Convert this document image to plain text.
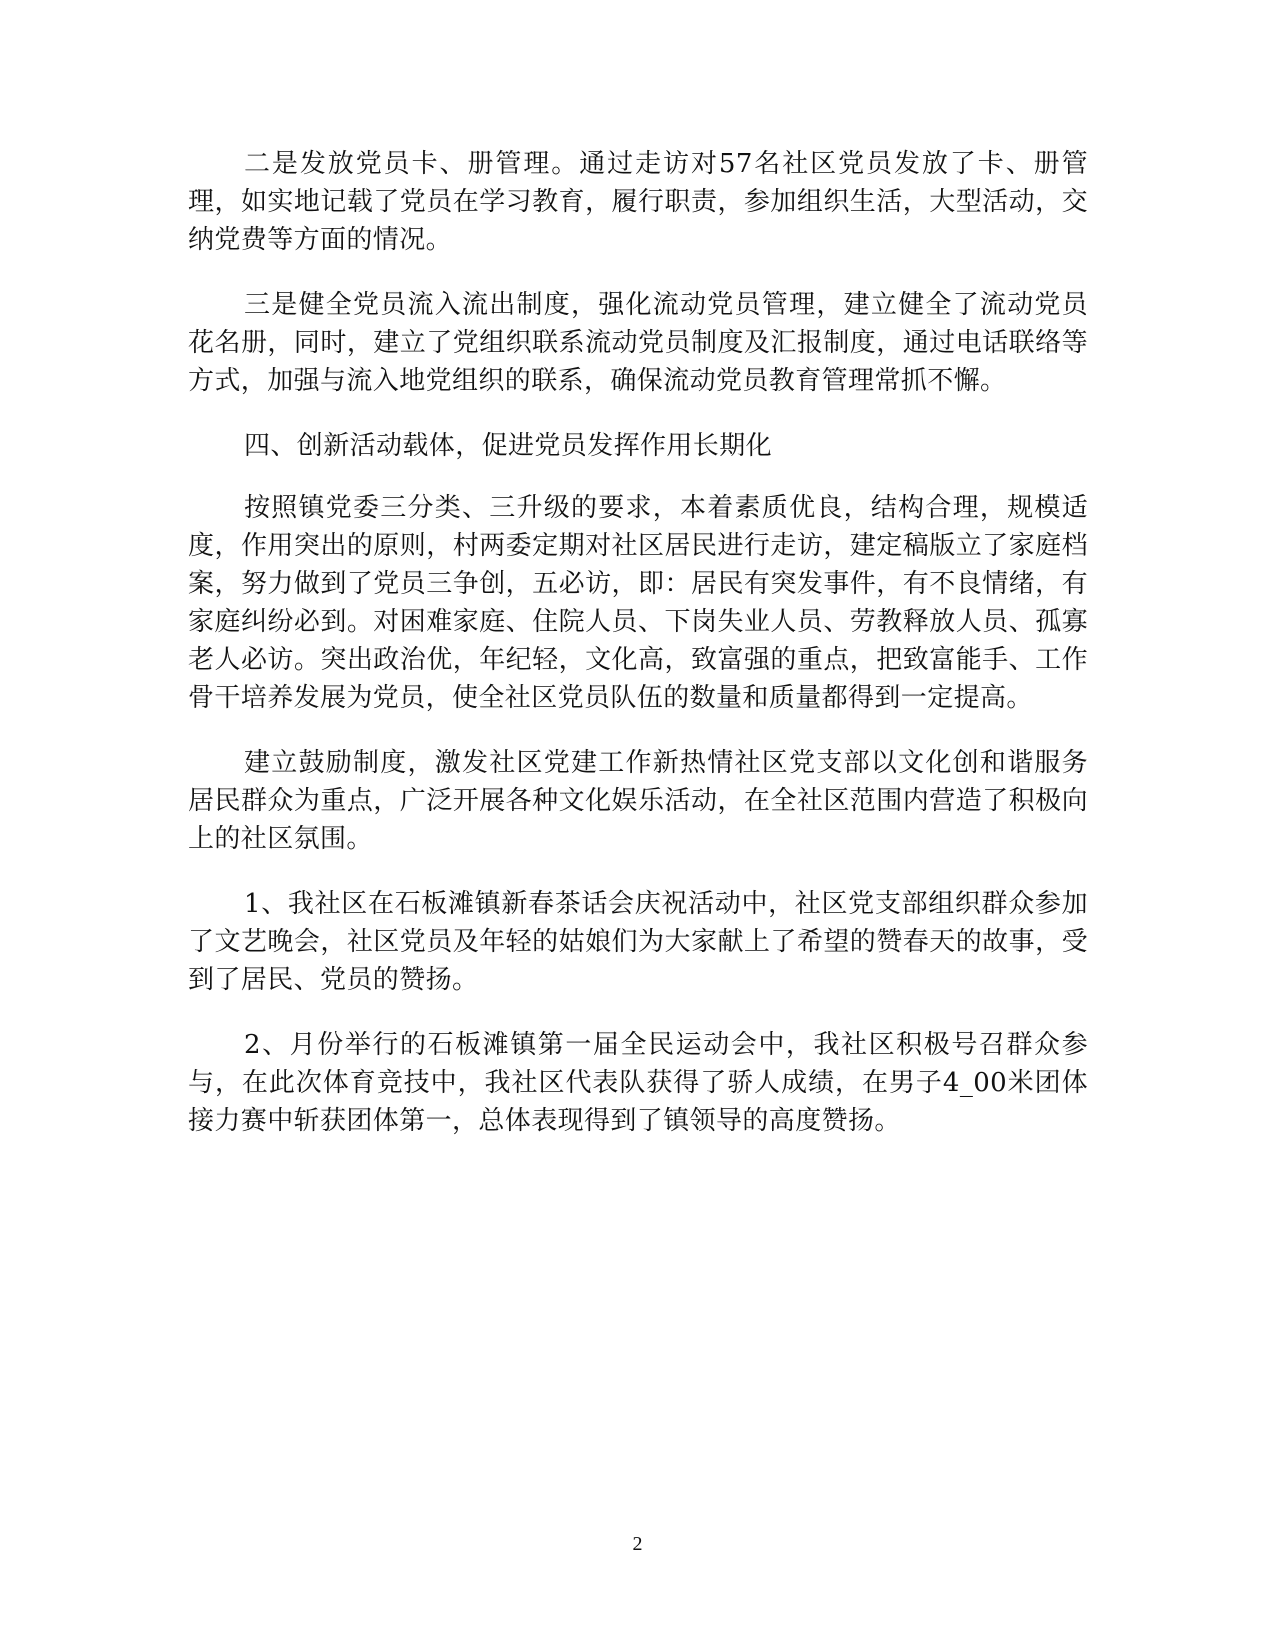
二是发放党员卡、册管理。通过走访对57名社区党员发放了卡、册管理，如实地记载了党员在学习教育，履行职责，参加组织生活，大型活动，交纳党费等方面的情况。

三是健全党员流入流出制度，强化流动党员管理，建立健全了流动党员花名册，同时，建立了党组织联系流动党员制度及汇报制度，通过电话联络等方式，加强与流入地党组织的联系，确保流动党员教育管理常抓不懈。

四、创新活动载体，促进党员发挥作用长期化

按照镇党委三分类、三升级的要求，本着素质优良，结构合理，规模适度，作用突出的原则，村两委定期对社区居民进行走访，建定稿版立了家庭档案，努力做到了党员三争创，五必访，即：居民有突发事件，有不良情绪，有家庭纠纷必到。对困难家庭、住院人员、下岗失业人员、劳教释放人员、孤寡老人必访。突出政治优，年纪轻，文化高，致富强的重点，把致富能手、工作骨干培养发展为党员，使全社区党员队伍的数量和质量都得到一定提高。

建立鼓励制度，激发社区党建工作新热情社区党支部以文化创和谐服务居民群众为重点，广泛开展各种文化娱乐活动，在全社区范围内营造了积极向上的社区氛围。

1、我社区在石板滩镇新春茶话会庆祝活动中，社区党支部组织群众参加了文艺晚会，社区党员及年轻的姑娘们为大家献上了希望的赞春天的故事，受到了居民、党员的赞扬。

2、月份举行的石板滩镇第一届全民运动会中，我社区积极号召群众参与，在此次体育竞技中，我社区代表队获得了骄人成绩，在男子4_00米团体接力赛中斩获团体第一，总体表现得到了镇领导的高度赞扬。

2
